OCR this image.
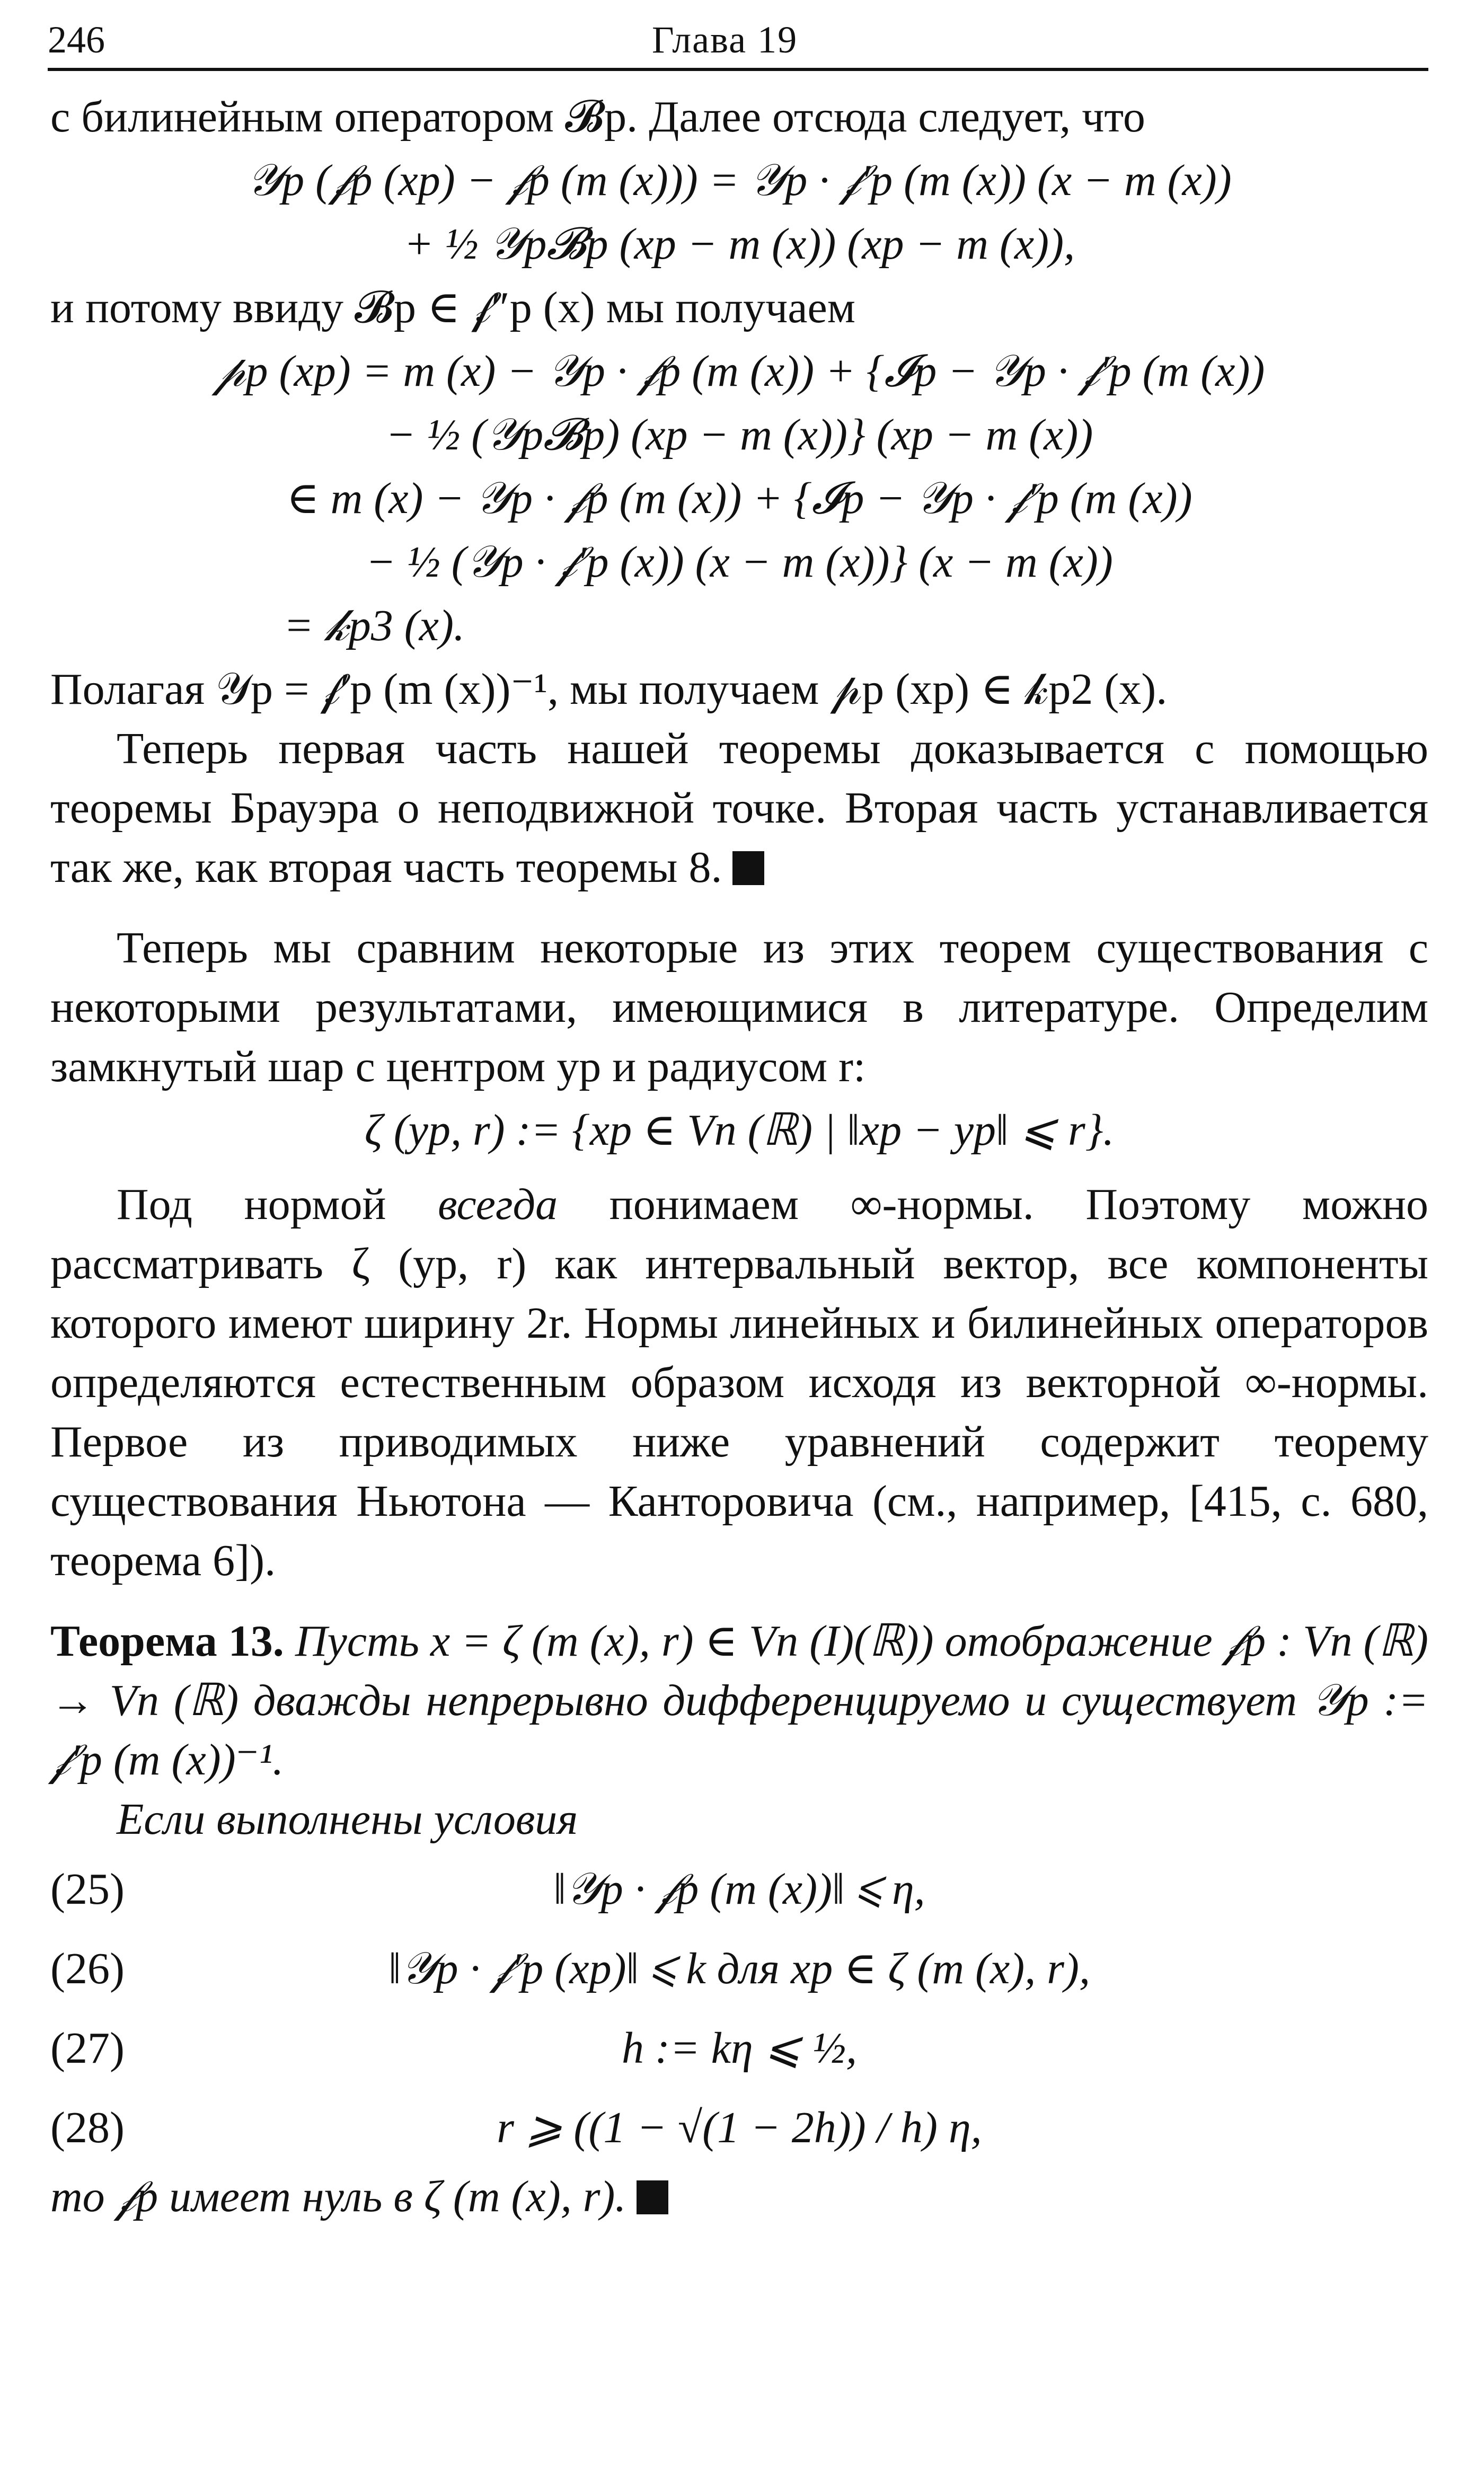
246	Глава 19

с билинейным оператором 𝓑p. Далее отсюда следует, что

𝒴p (𝒻p (xp) − 𝒻p (m (x))) = 𝒴p · 𝒻′p (m (x)) (x − m (x))
+ ½ 𝒴p𝓑p (xp − m (x)) (xp − m (x)),

и потому ввиду 𝓑p ∈ 𝒻″p (x) мы получаем

𝓅p (xp) = m (x) − 𝒴p · 𝒻p (m (x)) + {𝓘p − 𝒴p · 𝒻′p (m (x))
− ½ (𝒴p𝓑p) (xp − m (x))} (xp − m (x))
∈ m (x) − 𝒴p · 𝒻p (m (x)) + {𝓘p − 𝒴p · 𝒻′p (m (x))
− ½ (𝒴p · 𝒻′p (x)) (x − m (x))} (x − m (x))
= 𝓀p3 (x).

Полагая 𝒴p = 𝒻′p (m (x))⁻¹, мы получаем 𝓅p (xp) ∈ 𝓀p2 (x).

Теперь первая часть нашей теоремы доказывается с помощью теоремы Брауэра о неподвижной точке. Вторая часть устанавливается так же, как вторая часть теоремы 8.

Теперь мы сравним некоторые из этих теорем существования с некоторыми результатами, имеющимися в литературе. Определим замкнутый шар с центром yp и радиусом r:

ζ (yp, r) := {xp ∈ Vn (ℝ) | ‖xp − yp‖ ⩽ r}.

Под нормой всегда понимаем ∞-нормы. Поэтому можно рассматривать ζ (yp, r) как интервальный вектор, все компоненты которого имеют ширину 2r. Нормы линейных и билинейных операторов определяются естественным образом исходя из векторной ∞-нормы. Первое из приводимых ниже уравнений содержит теорему существования Ньютона — Канторовича (см., например, [415, с. 680, теорема 6]).

Теорема 13. Пусть x = ζ (m (x), r) ∈ Vn (I)(ℝ)) отображение 𝒻p : Vn (ℝ) → Vn (ℝ) дважды непрерывно дифференцируемо и существует 𝒴p := 𝒻′p (m (x))⁻¹.

Если выполнены условия

(25)	‖𝒴p · 𝒻p (m (x))‖ ⩽ η,
(26)	‖𝒴p · 𝒻′p (xp)‖ ⩽ k для xp ∈ ζ (m (x), r),
(27)	h := kη ⩽ ½,
(28)	r ⩾ ((1 − √(1 − 2h)) / h) η,

то 𝒻p имеет нуль в ζ (m (x), r).
